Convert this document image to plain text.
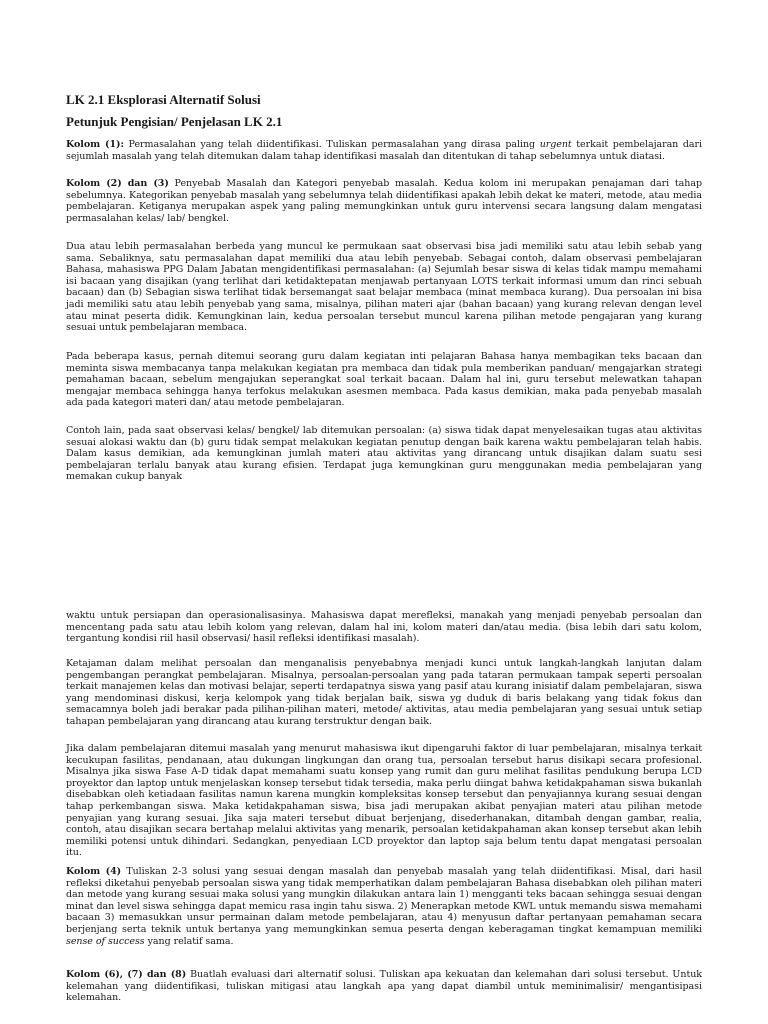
LK 2.1 Eksplorasi Alternatif Solusi
Petunjuk Pengisian/ Penjelasan LK 2.1

Kolom (1): Permasalahan yang telah diidentifikasi. Tuliskan permasalahan yang dirasa paling urgent terkait pembelajaran dari sejumlah masalah yang telah ditemukan dalam tahap identifikasi masalah dan ditentukan di tahap sebelumnya untuk diatasi.

Kolom (2) dan (3) Penyebab Masalah dan Kategori penyebab masalah. Kedua kolom ini merupakan penajaman dari tahap sebelumnya. Kategorikan penyebab masalah yang sebelumnya telah diidentifikasi apakah lebih dekat ke materi, metode, atau media pembelajaran. Ketiganya merupakan aspek yang paling memungkinkan untuk guru intervensi secara langsung dalam mengatasi permasalahan kelas/ lab/ bengkel.

Dua atau lebih permasalahan berbeda yang muncul ke permukaan saat observasi bisa jadi memiliki satu atau lebih sebab yang sama. Sebaliknya, satu permasalahan dapat memiliki dua atau lebih penyebab. Sebagai contoh, dalam observasi pembelajaran Bahasa, mahasiswa PPG Dalam Jabatan mengidentifikasi permasalahan: (a) Sejumlah besar siswa di kelas tidak mampu memahami isi bacaan yang disajikan (yang terlihat dari ketidaktepatan menjawab pertanyaan LOTS terkait informasi umum dan rinci sebuah bacaan) dan (b) Sebagian siswa terlihat tidak bersemangat saat belajar membaca (minat membaca kurang). Dua persoalan ini bisa jadi memiliki satu atau lebih penyebab yang sama, misalnya, pilihan materi ajar (bahan bacaan) yang kurang relevan dengan level atau minat peserta didik. Kemungkinan lain, kedua persoalan tersebut muncul karena pilihan metode pengajaran yang kurang sesuai untuk pembelajaran membaca.

Pada beberapa kasus, pernah ditemui seorang guru dalam kegiatan inti pelajaran Bahasa hanya membagikan teks bacaan dan meminta siswa membacanya tanpa melakukan kegiatan pra membaca dan tidak pula memberikan panduan/ mengajarkan strategi pemahaman bacaan, sebelum mengajukan seperangkat soal terkait bacaan. Dalam hal ini, guru tersebut melewatkan tahapan mengajar membaca sehingga hanya terfokus melakukan asesmen membaca. Pada kasus demikian, maka pada penyebab masalah ada pada kategori materi dan/ atau metode pembelajaran.

Contoh lain, pada saat observasi kelas/ bengkel/ lab ditemukan persoalan: (a) siswa tidak dapat menyelesaikan tugas atau aktivitas sesuai alokasi waktu dan (b) guru tidak sempat melakukan kegiatan penutup dengan baik karena waktu pembelajaran telah habis. Dalam kasus demikian, ada kemungkinan jumlah materi atau aktivitas yang dirancang untuk disajikan dalam suatu sesi pembelajaran terlalu banyak atau kurang efisien. Terdapat juga kemungkinan guru menggunakan media pembelajaran yang memakan cukup banyak

waktu untuk persiapan dan operasionalisasinya. Mahasiswa dapat merefleksi, manakah yang menjadi penyebab persoalan dan mencentang pada satu atau lebih kolom yang relevan, dalam hal ini, kolom materi dan/atau media. (bisa lebih dari satu kolom, tergantung kondisi riil hasil observasi/ hasil refleksi identifikasi masalah).

Ketajaman dalam melihat persoalan dan menganalisis penyebabnya menjadi kunci untuk langkah-langkah lanjutan dalam pengembangan perangkat pembelajaran. Misalnya, persoalan-persoalan yang pada tataran permukaan tampak seperti persoalan terkait manajemen kelas dan motivasi belajar, seperti terdapatnya siswa yang pasif atau kurang inisiatif dalam pembelajaran, siswa yang mendominasi diskusi, kerja kelompok yang tidak berjalan baik, siswa yg duduk di baris belakang yang tidak fokus dan semacamnya boleh jadi berakar pada pilihan-pilihan materi, metode/ aktivitas, atau media pembelajaran yang sesuai untuk setiap tahapan pembelajaran yang dirancang atau kurang terstruktur dengan baik.

Jika dalam pembelajaran ditemui masalah yang menurut mahasiswa ikut dipengaruhi faktor di luar pembelajaran, misalnya terkait kecukupan fasilitas, pendanaan, atau dukungan lingkungan dan orang tua, persoalan tersebut harus disikapi secara profesional. Misalnya jika siswa Fase A-D tidak dapat memahami suatu konsep yang rumit dan guru melihat fasilitas pendukung berupa LCD proyektor dan laptop untuk menjelaskan konsep tersebut tidak tersedia, maka perlu diingat bahwa ketidakpahaman siswa bukanlah disebabkan oleh ketiadaan fasilitas namun karena mungkin kompleksitas konsep tersebut dan penyajiannya kurang sesuai dengan tahap perkembangan siswa. Maka ketidakpahaman siswa, bisa jadi merupakan akibat penyajian materi atau pilihan metode penyajian yang kurang sesuai. Jika saja materi tersebut dibuat berjenjang, disederhanakan, ditambah dengan gambar, realia, contoh, atau disajikan secara bertahap melalui aktivitas yang menarik, persoalan ketidakpahaman akan konsep tersebut akan lebih memiliki potensi untuk dihindari. Sedangkan, penyediaan LCD proyektor dan laptop saja belum tentu dapat mengatasi persoalan itu.

Kolom (4) Tuliskan 2-3 solusi yang sesuai dengan masalah dan penyebab masalah yang telah diidentifikasi. Misal, dari hasil refleksi diketahui penyebab persoalan siswa yang tidak memperhatikan dalam pembelajaran Bahasa disebabkan oleh pilihan materi dan metode yang kurang sesuai maka solusi yang mungkin dilakukan antara lain 1) mengganti teks bacaan sehingga sesuai dengan minat dan level siswa sehingga dapat memicu rasa ingin tahu siswa. 2) Menerapkan metode KWL untuk memandu siswa memahami bacaan 3) memasukkan unsur permainan dalam metode pembelajaran, atau 4) menyusun daftar pertanyaan pemahaman secara berjenjang serta teknik untuk bertanya yang memungkinkan semua peserta dengan keberagaman tingkat kemampuan memiliki sense of success yang relatif sama.

Kolom (6), (7) dan (8) Buatlah evaluasi dari alternatif solusi. Tuliskan apa kekuatan dan kelemahan dari solusi tersebut. Untuk kelemahan yang diidentifikasi, tuliskan mitigasi atau langkah apa yang dapat diambil untuk meminimalisir/ mengantisipasi kelemahan.
